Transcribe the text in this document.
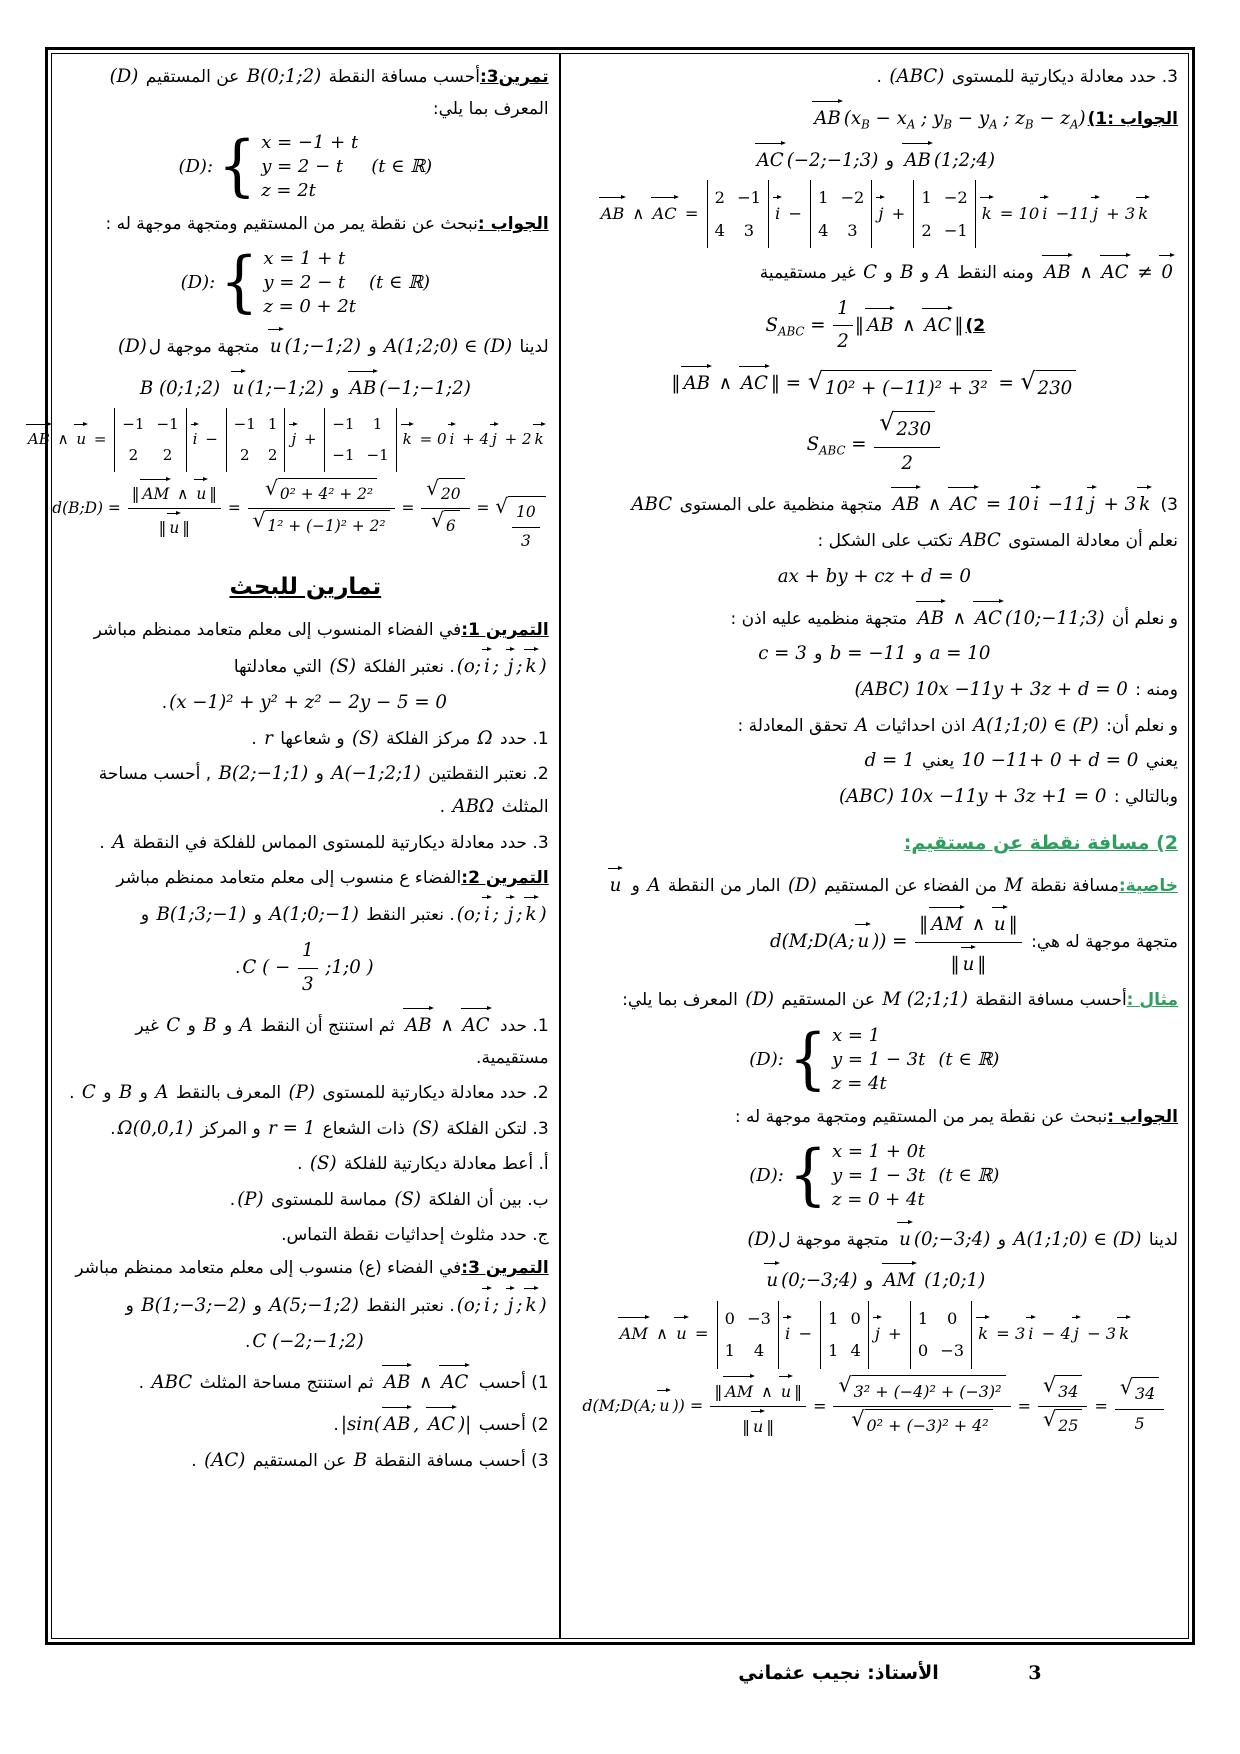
3. حدد معادلة ديكارتية للمستوى (ABC) .
الجواب :1)
AB ($x_B - x_A$ ; $y_B - y_A$ ; $z_B - z_A$)
AB (1;2;4) و
AC (−2;−1;3)
AB ∧
AC =
2 −1
4	3
i −
1 −2
4	3
j +
1 −2
2 −1
k = 10 i −11 j + 3 k
AB ∧
AC ≠
0 ومنه النقط A و B و C غير مستقيمية
$2)S_{ABC} = \frac{1}{2}$ ‖ AB ∧
AC ‖
‖ AB ∧
AC ‖ = √ 10² + (−11)² + 3² = √ 230
$S_{ABC} = \frac{√ 230}{2}$
3)
AB ∧
AC = 10 i −11 j + 3 k متجهة منظمية على المستوى ABC
نعلم أن معادلة المستوى ABC تكتب على الشكل :
ax + by + cz + d = 0
و نعلم أن
AB ∧
AC (10;−11;3) متجهة منظميه عليه اذن :
a = 10 و b = −11 و c = 3
ومنه : (ABC) 10x −11y + 3z + d = 0
و نعلم أن: A(1;1;0) ∈ (P) اذن احداثيات A تحقق المعادلة :
يعني 10 −11+ 0 + d = 0 يعني d = 1
وبالتالي : (ABC) 10x −11y + 3z +1 = 0
2) مسافة نقطة عن مستقيم:
خاصية:مسافة نقطة M من الفضاء عن المستقيم (D) المار من النقطة A و
u متجهة موجهة له هي: d(M;D(A; u )) = ‖ AM ∧
u ‖
‖ u ‖
مثال :أحسب مسافة النقطة M (2;1;1) عن المستقيم (D) المعرف بما يلي:
(D): { x = 1
y = 1 − 3t
z = 4t
(t ∈ ℝ)
الجواب :نبحث عن نقطة يمر من المستقيم ومتجهة موجهة له :
(D): { x = 1 + 0t
y = 1 − 3t
z = 0 + 4t
(t ∈ ℝ)
لدينا A(1;1;0) ∈ (D) و
u (0;−3;4) متجهة موجهة ل(D)
AM (1;0;1) و
u (0;−3;4)
AM ∧
u =
0 −3
1	4
i −
1 0
1 4
j +
1	0
0 −3
k = 3 i − 4 j − 3 k
d(M;D(A; u )) = ‖ AM ∧
u ‖
‖ u ‖ = $\frac{\text{√ 3² + (−4)² + (−3)²}}{\text{√ 0² + (−3)² + 4²}} = \frac{√ 34}{√ 25} = \frac{√ 34}{5}$
تمرين3:أحسب مسافة النقطة B(0;1;2) عن المستقيم (D) المعرف بما يلي:
(D): { x = −1 + t
y = 2 − t
z = 2t
(t ∈ ℝ)
الجواب :نبحث عن نقطة يمر من المستقيم ومتجهة موجهة له :
(D): { x = 1 + t
y = 2 − t
z = 0 + 2t
(t ∈ ℝ)
لدينا A(1;2;0) ∈ (D) و
u (1;−1;2) متجهة موجهة ل(D)
AB (−1;−1;2) و
u (1;−1;2) B (0;1;2)
AB ∧
u =
−1 −1
2	2
i −
−1 1
2	2
j +
−1	1
−1 −1
k = 0 i + 4 j + 2 k
d(B;D) = ‖ AM ∧
u ‖
‖ u ‖ = $\frac{\text{√ 0² + 4² + 2²}}{\text{√ 1² + (−1)² + 2²}} = \frac{√ 20}{√ 6}$ = √ $\frac{10}{3}$
تمارين للبحث
التمرين 1:في الفضاء المنسوب إلى معلم متعامد ممنظم مباشر (o; i ;
j ; k ). نعتبر الفلكة (S) التي معادلتها
(x −1)² + y² + z² − 2y − 5 = 0.
1. حدد Ω مركز الفلكة (S) و شعاعها r .
2. نعتبر النقطتين A(−1;2;1) و B(2;−1;1) , أحسب مساحة المثلث ABΩ .
3. حدد معادلة ديكارتية للمستوى المماس للفلكة في النقطة A .
التمرين 2:الفضاء ع منسوب إلى معلم متعامد ممنظم مباشر (o; i ;
j ; k ). نعتبر النقط A(1;0;−1) و B(1;3;−1) و
C ( − $\frac{1}{3}$ ;1;0 ).
1. حدد
AB ∧
AC ثم استنتج أن النقط A و B و C غير مستقيمية.
2. حدد معادلة ديكارتية للمستوى (P) المعرف بالنقط A و B و C .
3. لتكن الفلكة (S) ذات الشعاع r = 1 و المركز Ω(0,0,1).
أ. أعط معادلة ديكارتية للفلكة (S) .
ب. بين أن الفلكة (S) مماسة للمستوى (P).
ج. حدد مثلوث إحداثيات نقطة التماس.
التمرين 3:في الفضاء (ع) منسوب إلى معلم متعامد ممنظم مباشر (o; i ;
j ; k ). نعتبر النقط A(5;−1;2) و B(1;−3;−2) و
C (−2;−1;2).
1) أحسب
AB ∧
AC ثم استنتج مساحة المثلث ABC .
2) أحسب |sin( AB ,
AC )|.
3) أحسب مسافة النقطة B عن المستقيم (AC) .
الأستاذ: نجيب عثماني	3
